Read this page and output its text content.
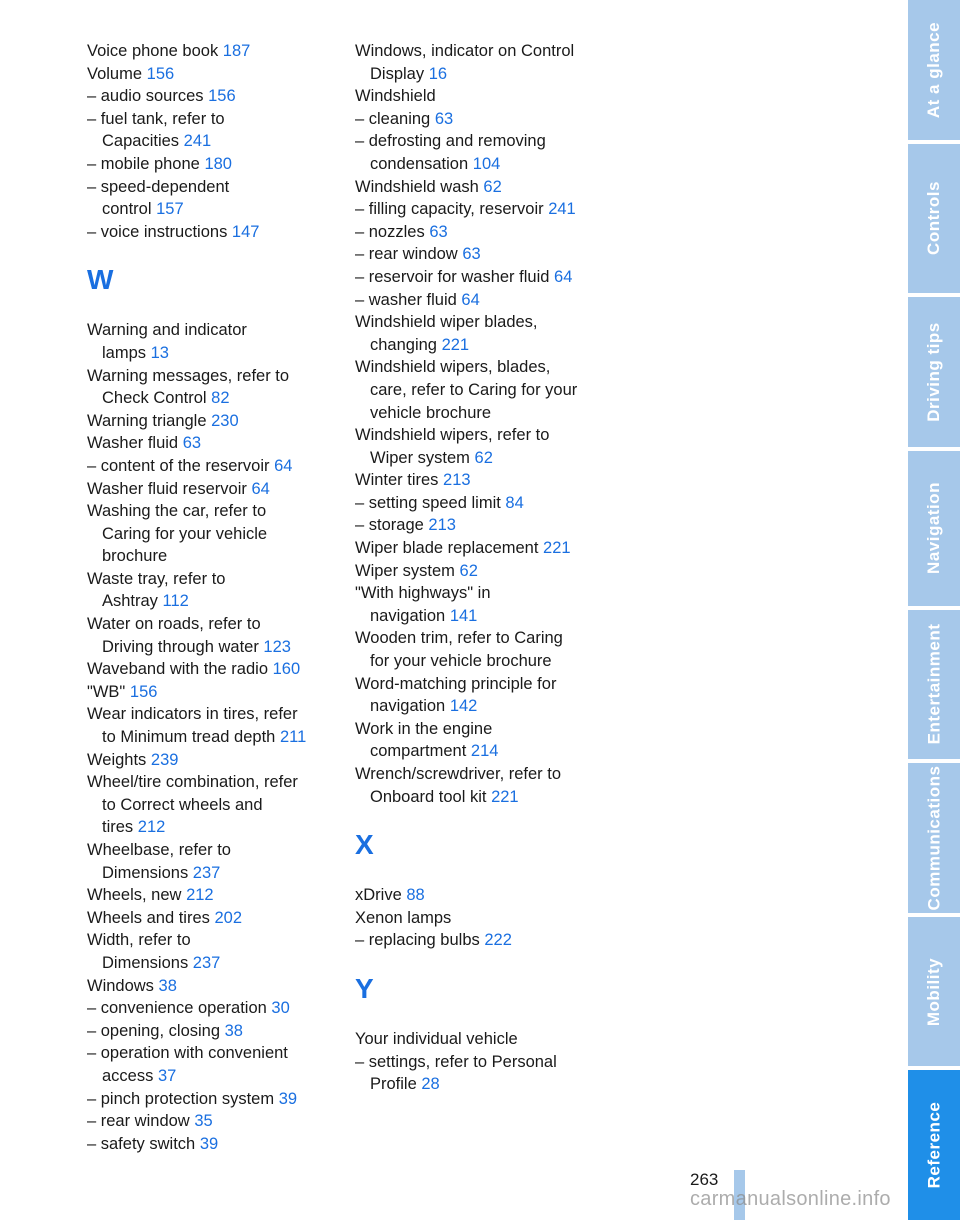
Voice phone book 187
Volume 156
– audio sources 156
– fuel tank, refer to
Capacities 241
– mobile phone 180
– speed-dependent
control 157
– voice instructions 147
W
Warning and indicator
lamps 13
Warning messages, refer to
Check Control 82
Warning triangle 230
Washer fluid 63
– content of the reservoir 64
Washer fluid reservoir 64
Washing the car, refer to
Caring for your vehicle
brochure
Waste tray, refer to
Ashtray 112
Water on roads, refer to
Driving through water 123
Waveband with the radio 160
"WB" 156
Wear indicators in tires, refer
to Minimum tread depth 211
Weights 239
Wheel/tire combination, refer
to Correct wheels and
tires 212
Wheelbase, refer to
Dimensions 237
Wheels, new 212
Wheels and tires 202
Width, refer to
Dimensions 237
Windows 38
– convenience operation 30
– opening, closing 38
– operation with convenient
access 37
– pinch protection system 39
– rear window 35
– safety switch 39
Windows, indicator on Control
Display 16
Windshield
– cleaning 63
– defrosting and removing
condensation 104
Windshield wash 62
– filling capacity, reservoir 241
– nozzles 63
– rear window 63
– reservoir for washer fluid 64
– washer fluid 64
Windshield wiper blades,
changing 221
Windshield wipers, blades,
care, refer to Caring for your
vehicle brochure
Windshield wipers, refer to
Wiper system 62
Winter tires 213
– setting speed limit 84
– storage 213
Wiper blade replacement 221
Wiper system 62
"With highways" in
navigation 141
Wooden trim, refer to Caring
for your vehicle brochure
Word-matching principle for
navigation 142
Work in the engine
compartment 214
Wrench/screwdriver, refer to
Onboard tool kit 221
X
xDrive 88
Xenon lamps
– replacing bulbs 222
Y
Your individual vehicle
– settings, refer to Personal
Profile 28
At a glance
Controls
Driving tips
Navigation
Entertainment
Communications
Mobility
Reference
263
carmanualsonline.info
